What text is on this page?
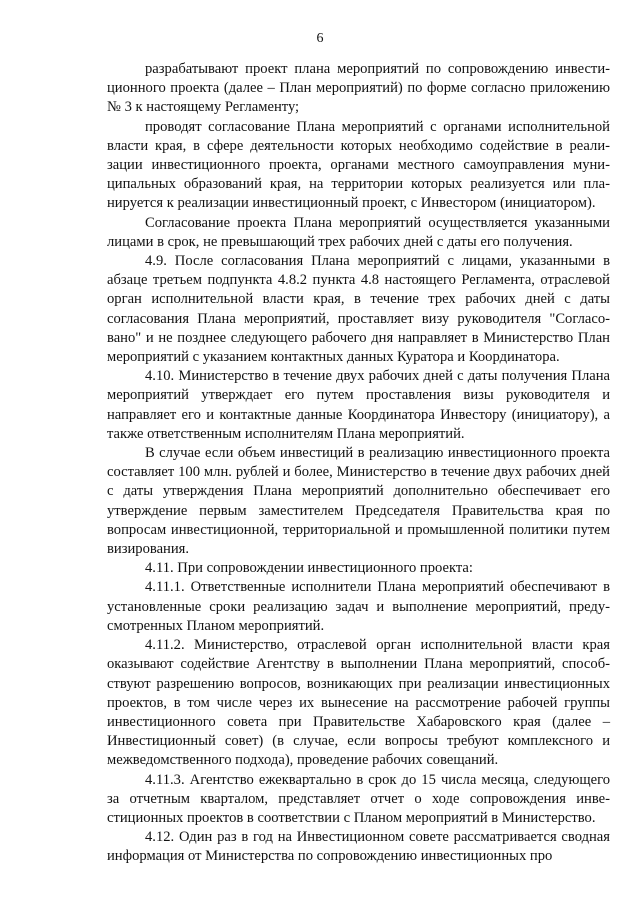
6

разрабатывают проект плана мероприятий по сопровождению инвестиционного проекта (далее – План мероприятий) по форме согласно приложению № 3 к настоящему Регламенту;

проводят согласование Плана мероприятий с органами исполнительной власти края, в сфере деятельности которых необходимо содействие в реализации инвестиционного проекта, органами местного самоуправления муниципальных образований края, на территории которых реализуется или планируется к реализации инвестиционный проект, с Инвестором (инициатором).

Согласование проекта Плана мероприятий осуществляется указанными лицами в срок, не превышающий трех рабочих дней с даты его получения.

4.9. После согласования Плана мероприятий с лицами, указанными в абзаце третьем подпункта 4.8.2 пункта 4.8 настоящего Регламента, отраслевой орган исполнительной власти края, в течение трех рабочих дней с даты согласования Плана мероприятий, проставляет визу руководителя "Согласовано" и не позднее следующего рабочего дня направляет в Министерство План мероприятий с указанием контактных данных Куратора и Координатора.

4.10. Министерство в течение двух рабочих дней с даты получения Плана мероприятий утверждает его путем проставления визы руководителя и направляет его и контактные данные Координатора Инвестору (инициатору), а также ответственным исполнителям Плана мероприятий.

В случае если объем инвестиций в реализацию инвестиционного проекта составляет 100 млн. рублей и более, Министерство в течение двух рабочих дней с даты утверждения Плана мероприятий дополнительно обеспечивает его утверждение первым заместителем Председателя Правительства края по вопросам инвестиционной, территориальной и промышленной политики путем визирования.

4.11. При сопровождении инвестиционного проекта:

4.11.1. Ответственные исполнители Плана мероприятий обеспечивают в установленные сроки реализацию задач и выполнение мероприятий, предусмотренных Планом мероприятий.

4.11.2. Министерство, отраслевой орган исполнительной власти края оказывают содействие Агентству в выполнении Плана мероприятий, способствуют разрешению вопросов, возникающих при реализации инвестиционных проектов, в том числе через их вынесение на рассмотрение рабочей группы инвестиционного совета при Правительстве Хабаровского края (далее – Инвестиционный совет) (в случае, если вопросы требуют комплексного и межведомственного подхода), проведение рабочих совещаний.

4.11.3. Агентство ежеквартально в срок до 15 числа месяца, следующего за отчетным кварталом, представляет отчет о ходе сопровождения инвестиционных проектов в соответствии с Планом мероприятий в Министерство.

4.12. Один раз в год на Инвестиционном совете рассматривается сводная информация от Министерства по сопровождению инвестиционных про
